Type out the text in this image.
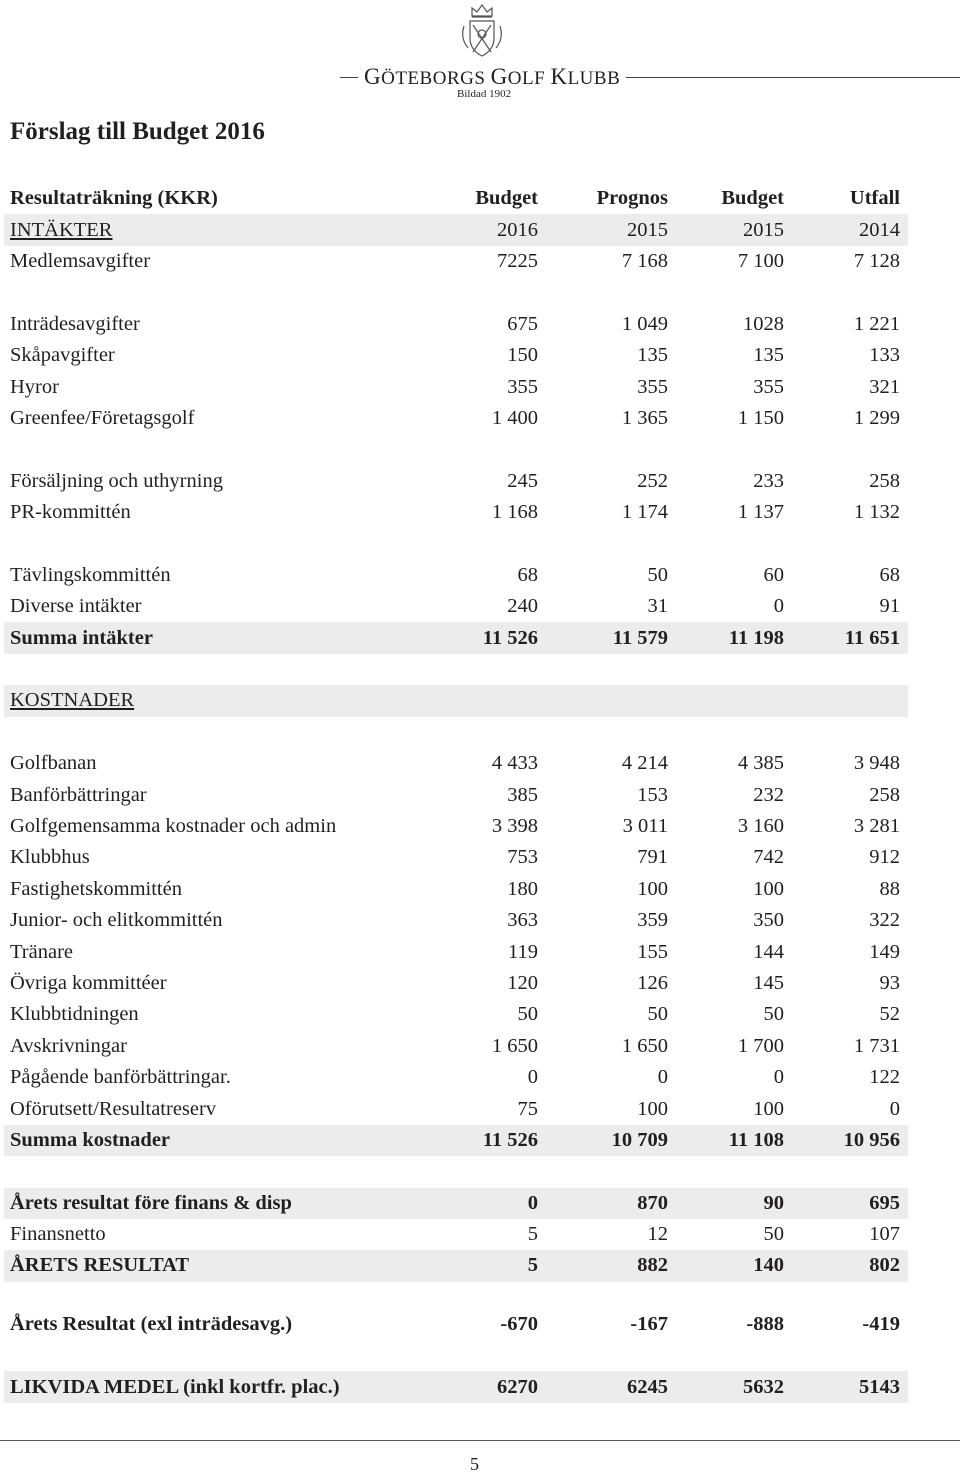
GÖTEBORGS GOLF KLUBB
Bildad 1902
Förslag till Budget 2016
Resultaträkning (KKR)	Budget	Prognos	Budget	Utfall
INTÄKTER	2016	2015	2015	2014
Medlemsavgifter	7225	7 168	7 100	7 128

Inträdesavgifter	675	1 049	1028	1 221
Skåpavgifter	150	135	135	133
Hyror	355	355	355	321
Greenfee/Företagsgolf	1 400	1 365	1 150	1 299

Försäljning och uthyrning	245	252	233	258
PR-kommittén	1 168	1 174	1 137	1 132

Tävlingskommittén	68	50	60	68
Diverse intäkter	240	31	0	91
Summa intäkter	11 526	11 579	11 198	11 651

KOSTNADER				

Golfbanan	4 433	4 214	4 385	3 948
Banförbättringar	385	153	232	258
Golfgemensamma kostnader och admin	3 398	3 011	3 160	3 281
Klubbhus	753	791	742	912
Fastighetskommittén	180	100	100	88
Junior- och elitkommittén	363	359	350	322
Tränare	119	155	144	149
Övriga kommittéer	120	126	145	93
Klubbtidningen	50	50	50	52
Avskrivningar	1 650	1 650	1 700	1 731
Pågående banförbättringar.	0	0	0	122
Oförutsett/Resultatreserv	75	100	100	0
Summa kostnader	11 526	10 709	11 108	10 956

Årets resultat före finans & disp	0	870	90	695
Finansnetto	5	12	50	107
ÅRETS RESULTAT	5	882	140	802

Årets Resultat (exl inträdesavg.)	-670	-167	-888	-419

LIKVIDA MEDEL (inkl kortfr. plac.)	6270	6245	5632	5143
5
